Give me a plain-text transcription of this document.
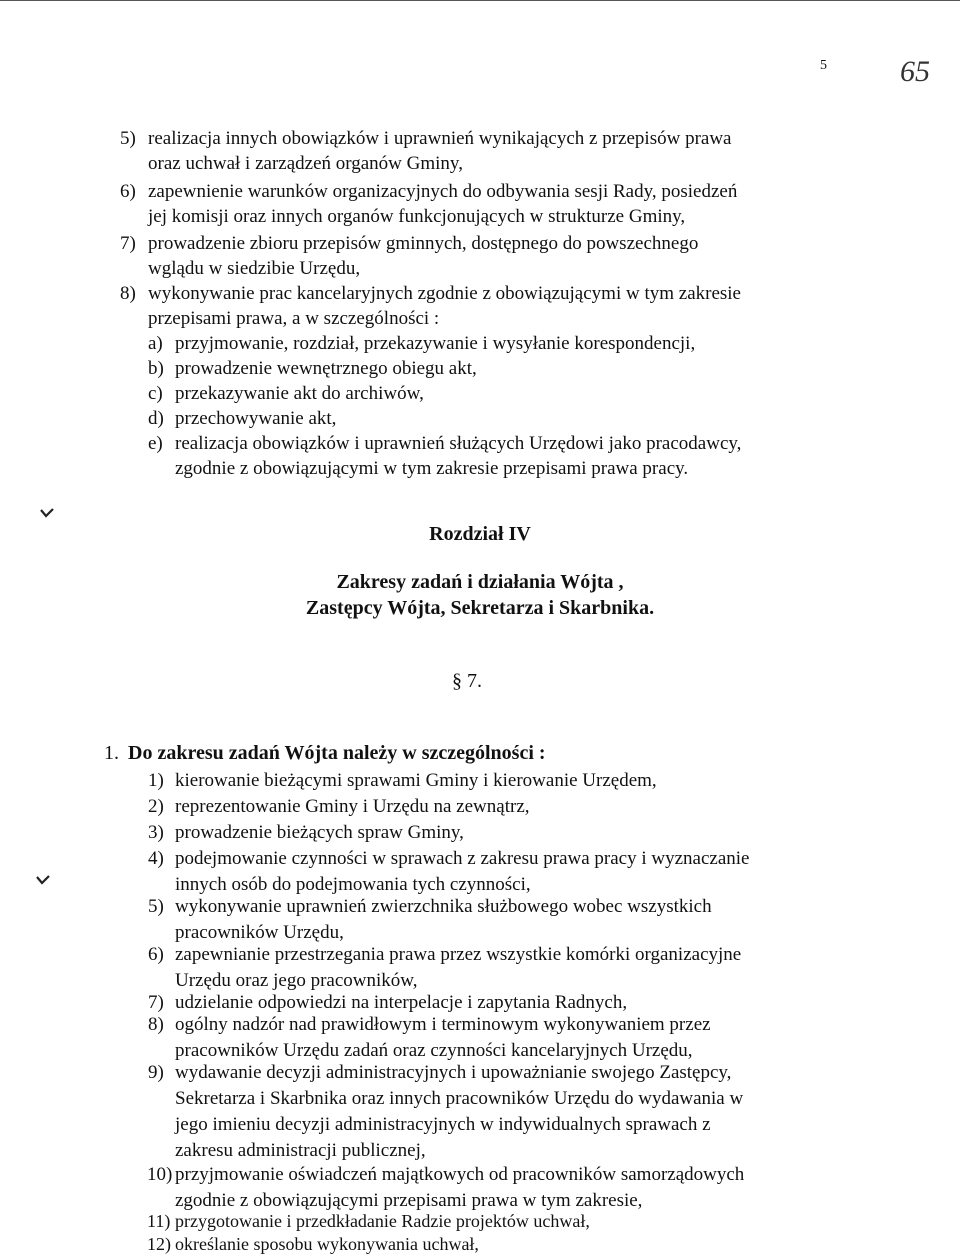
5 65
5) realizacja innych obowiązków i uprawnień wynikających z przepisów prawa
oraz uchwał i zarządzeń organów Gminy,
6) zapewnienie warunków organizacyjnych do odbywania sesji Rady, posiedzeń
jej komisji oraz innych organów funkcjonujących w strukturze Gminy,
7) prowadzenie zbioru przepisów gminnych, dostępnego do powszechnego
wglądu w siedzibie Urzędu,
8) wykonywanie prac kancelaryjnych zgodnie z obowiązującymi w tym zakresie
przepisami prawa, a w szczególności :
a) przyjmowanie, rozdział, przekazywanie i wysyłanie korespondencji,
b) prowadzenie wewnętrznego obiegu akt,
c) przekazywanie akt do archiwów,
d) przechowywanie akt,
e) realizacja obowiązków i uprawnień służących Urzędowi jako pracodawcy,
zgodnie z obowiązującymi w tym zakresie przepisami prawa pracy.
Rozdział IV
Zakresy zadań i działania Wójta ,
Zastępcy Wójta, Sekretarza i Skarbnika.
§ 7.
1. Do zakresu zadań Wójta należy w szczególności :
1) kierowanie bieżącymi sprawami Gminy i kierowanie Urzędem,
2) reprezentowanie Gminy i Urzędu na zewnątrz,
3) prowadzenie bieżących spraw Gminy,
4) podejmowanie czynności w sprawach z zakresu prawa pracy i wyznaczanie
innych osób do podejmowania tych czynności,
5) wykonywanie uprawnień zwierzchnika służbowego wobec wszystkich
pracowników Urzędu,
6) zapewnianie przestrzegania prawa przez wszystkie komórki organizacyjne
Urzędu oraz jego pracowników,
7) udzielanie odpowiedzi na interpelacje i zapytania Radnych,
8) ogólny nadzór nad prawidłowym i terminowym wykonywaniem przez
pracowników Urzędu zadań oraz czynności kancelaryjnych Urzędu,
9) wydawanie decyzji administracyjnych i upoważnianie swojego Zastępcy,
Sekretarza i Skarbnika oraz innych pracowników Urzędu do wydawania w
jego imieniu decyzji administracyjnych w indywidualnych sprawach z
zakresu administracji publicznej,
10) przyjmowanie oświadczeń majątkowych od pracowników samorządowych
zgodnie z obowiązującymi przepisami prawa w tym zakresie,
11) przygotowanie i przedkładanie Radzie projektów uchwał,
12) określanie sposobu wykonywania uchwał,
